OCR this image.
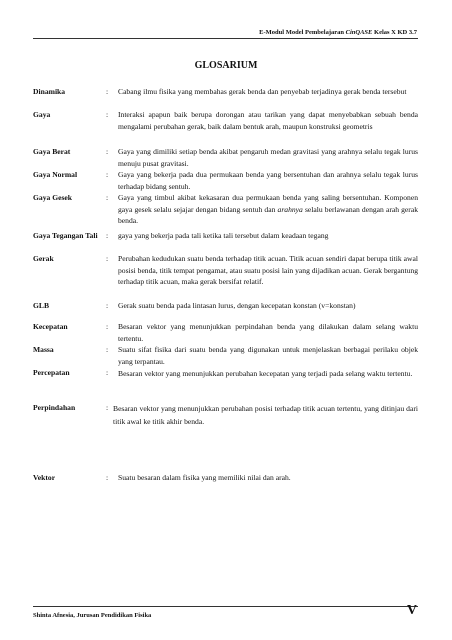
E-Modul Model Pembelajaran CinQASE Kelas X KD 3.7
GLOSARIUM
Dinamika	: Cabang ilmu fisika yang membahas gerak benda dan penyebab terjadinya gerak benda tersebut
Gaya	: Interaksi apapun baik berupa dorongan atau tarikan yang dapat menyebabkan sebuah benda mengalami perubahan gerak, baik dalam bentuk arah, maupun konstruksi geometris
Gaya Berat	: Gaya yang dimiliki setiap benda akibat pengaruh medan gravitasi yang arahnya selalu tegak lurus menuju pusat gravitasi.
Gaya Normal	: Gaya yang bekerja pada dua permukaan benda yang bersentuhan dan arahnya selalu tegak lurus terhadap bidang sentuh.
Gaya Gesek	: Gaya yang timbul akibat kekasaran dua permukaan benda yang saling bersentuhan. Komponen gaya gesek selalu sejajar dengan bidang sentuh dan arahnya selalu berlawanan dengan arah gerak benda.
Gaya Tegangan Tali	: gaya yang bekerja pada tali ketika tali tersebut dalam keadaan tegang
Gerak	: Perubahan kedudukan suatu benda terhadap titik acuan. Titik acuan sendiri dapat berupa titik awal posisi benda, titik tempat pengamat, atau suatu posisi lain yang dijadikan acuan. Gerak bergantung terhadap titik acuan, maka gerak bersifat relatif.
GLB	: Gerak suatu benda pada lintasan lurus, dengan kecepatan konstan (v=konstan)
Kecepatan	: Besaran vektor yang menunjukkan perpindahan benda yang dilakukan dalam selang waktu tertentu.
Massa	: Suatu sifat fisika dari suatu benda yang digunakan untuk menjelaskan berbagai perilaku objek yang terpantau.
Percepatan	: Besaran vektor yang menunjukkan perubahan kecepatan yang terjadi pada selang waktu tertentu.
Perpindahan	: Besaran vektor yang menunjukkan perubahan posisi terhadap titik acuan tertentu, yang ditinjau dari titik awal ke titik akhir benda.
Vektor	: Suatu besaran dalam fisika yang memiliki nilai dan arah.
Shinta Afnesia, Jurusan Pendidikan Fisika	V
